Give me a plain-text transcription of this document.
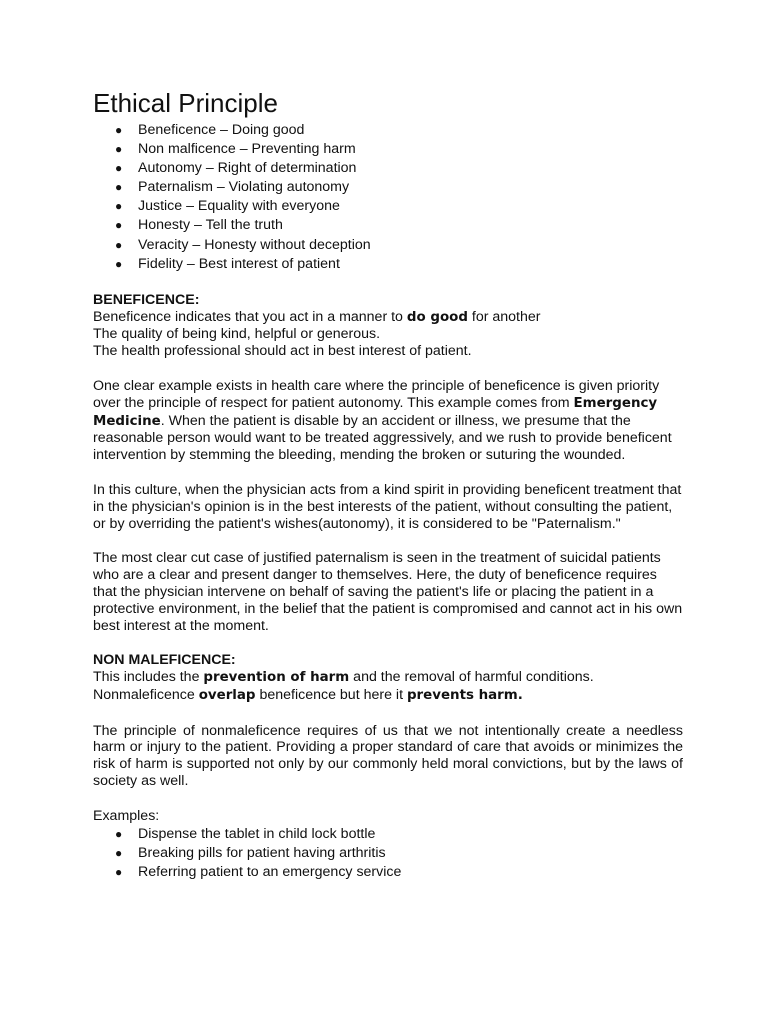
Ethical Principle
● Beneficence – Doing good
● Non malficence – Preventing harm
● Autonomy – Right of determination
● Paternalism – Violating autonomy
● Justice – Equality with everyone
● Honesty – Tell the truth
● Veracity – Honesty without deception
● Fidelity – Best interest of patient
BENEFICENCE:
Beneficence indicates that you act in a manner to do good for another
The quality of being kind, helpful or generous.
The health professional should act in best interest of patient.

One clear example exists in health care where the principle of beneficence is given priority over the principle of respect for patient autonomy. This example comes from Emergency Medicine. When the patient is disable by an accident or illness, we presume that the reasonable person would want to be treated aggressively, and we rush to provide beneficent intervention by stemming the bleeding, mending the broken or suturing the wounded.

In this culture, when the physician acts from a kind spirit in providing beneficent treatment that in the physician's opinion is in the best interests of the patient, without consulting the patient, or by overriding the patient's wishes(autonomy), it is considered to be "Paternalism."

The most clear cut case of justified paternalism is seen in the treatment of suicidal patients who are a clear and present danger to themselves. Here, the duty of beneficence requires that the physician intervene on behalf of saving the patient's life or placing the patient in a protective environment, in the belief that the patient is compromised and cannot act in his own best interest at the moment.

NON MALEFICENCE:
This includes the prevention of harm and the removal of harmful conditions.
Nonmaleficence overlap beneficence but here it prevents harm.

The principle of nonmaleficence requires of us that we not intentionally create a needless harm or injury to the patient. Providing a proper standard of care that avoids or minimizes the risk of harm is supported not only by our commonly held moral convictions, but by the laws of society as well.

Examples:
● Dispense the tablet in child lock bottle
● Breaking pills for patient having arthritis
● Referring patient to an emergency service
